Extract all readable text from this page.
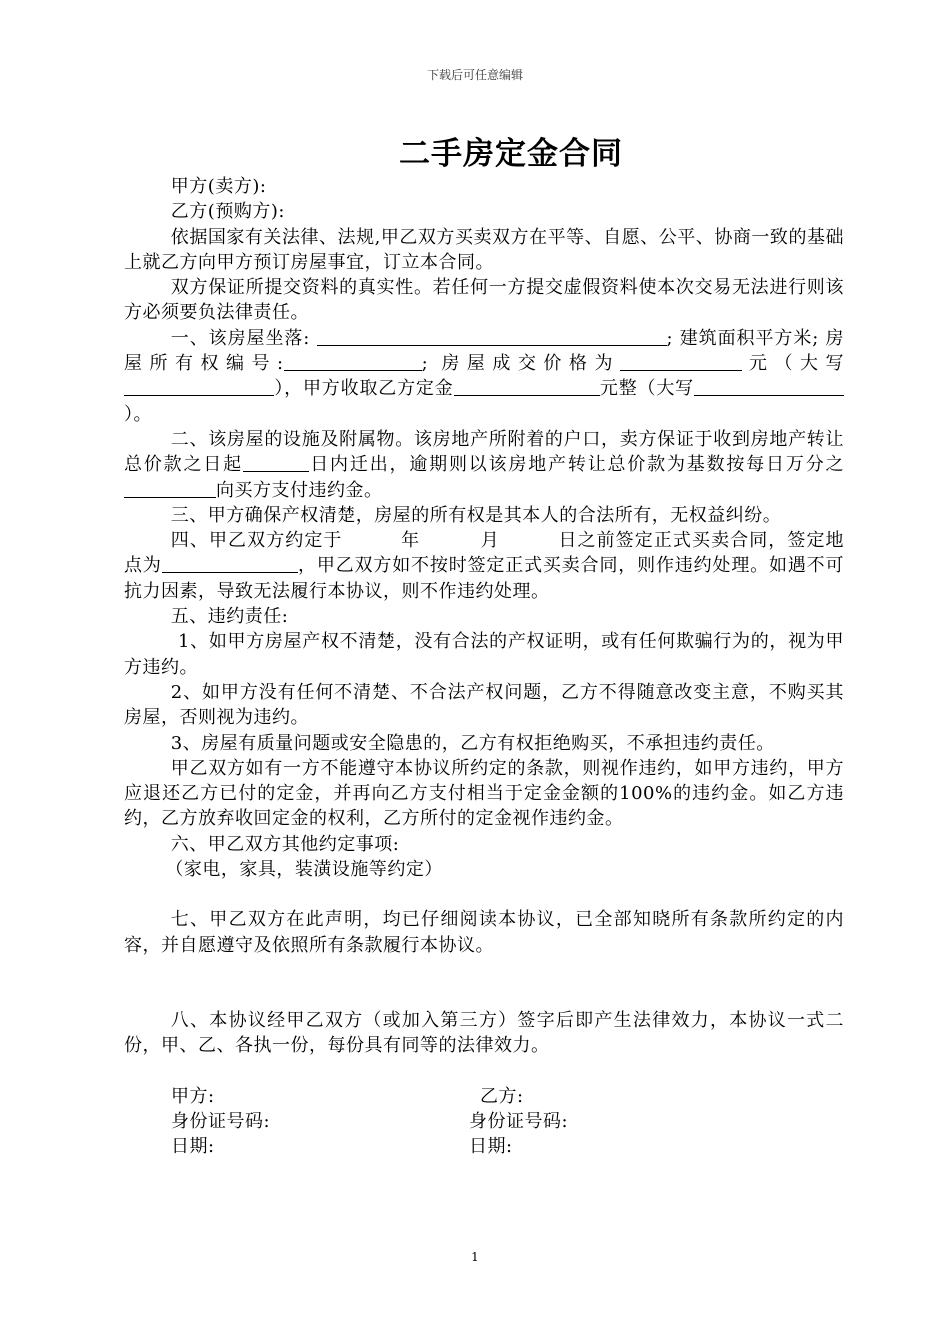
下载后可任意编辑
二手房定金合同

甲方(卖方):

乙方(预购方):

依据国家有关法律、法规,甲乙双方买卖双方在平等、自愿、公平、协商一致的基础上就乙方向甲方预订房屋事宜，订立本合同。

双方保证所提交资料的真实性。若任何一方提交虚假资料使本次交易无法进行则该方必须要负法律责任。

一、该房屋坐落:	; 建筑面积平方米; 房屋所有权编号:	; 房屋成交价格为	元（大写），甲方收取乙方定金	元整（大写）。

二、该房屋的设施及附属物。该房地产所附着的户口，卖方保证于收到房地产转让总价款之日起	日内迁出，逾期则以该房地产转让总价款为基数按每日万分之向买方支付违约金。

三、甲方确保产权清楚，房屋的所有权是其本人的合法所有，无权益纠纷。

四、甲乙双方约定于	年	月	日之前签定正式买卖合同，签定地点为	，甲乙双方如不按时签定正式买卖合同，则作违约处理。如遇不可抗力因素，导致无法履行本协议，则不作违约处理。

五、违约责任:

1、如甲方房屋产权不清楚，没有合法的产权证明，或有任何欺骗行为的，视为甲方违约。

2、如甲方没有任何不清楚、不合法产权问题，乙方不得随意改变主意，不购买其房屋，否则视为违约。

3、房屋有质量问题或安全隐患的，乙方有权拒绝购买，不承担违约责任。

甲乙双方如有一方不能遵守本协议所约定的条款，则视作违约，如甲方违约，甲方应退还乙方已付的定金，并再向乙方支付相当于定金金额的100%的违约金。如乙方违约，乙方放弃收回定金的权利，乙方所付的定金视作违约金。

六、甲乙双方其他约定事项:

（家电，家具，装潢设施等约定）

七、甲乙双方在此声明，均已仔细阅读本协议，已全部知晓所有条款所约定的内容，并自愿遵守及依照所有条款履行本协议。

八、本协议经甲乙双方（或加入第三方）签字后即产生法律效力，本协议一式二份，甲、乙、各执一份，每份具有同等的法律效力。

甲方:	乙方:

身份证号码:	身份证号码:

日期:	日期:

1
